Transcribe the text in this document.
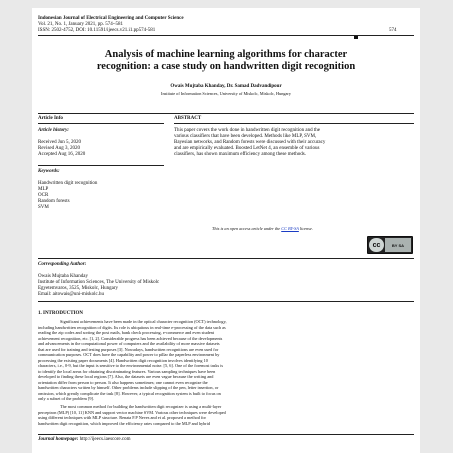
Indonesian Journal of Electrical Engineering and Computer Science
Vol. 21, No. 1, January 2021, pp. 574~581
ISSN: 2502-4752, DOI: 10.11591/ijeecs.v21.i1.pp574-581	574
Analysis of machine learning algorithms for character
recognition: a case study on handwritten digit recognition
Owais Mujtaba Khanday, Dr. Samad Dadvandipour
Institute of Information Sciences, University of Miskolc, Miskolc, Hungary
Article Info	ABSTRACT
Article history:
Received Jun 5, 2020
Revised Aug 3, 2020
Accepted Aug 16, 2020
Keywords:
Handwritten digit recognition
MLP
OCR
Random forests
SVM
This paper covers the work done in handwritten digit recognition and the
various classifiers that have been developed. Methods like MLP, SVM,
Bayesian networks, and Random forests were discussed with their accuracy
and are empirically evaluated. Boosted LetNet 4, an ensemble of various
classifiers, has shown maximum efficiency among these methods.
This is an open access article under the CC BY-SA license.
cc	BY SA
Corresponding Author:
Owais Mujtaba Khanday
Institute of Information Sciences, The University of Miskolc
Egyetemvaros, 3525, Miskolc, Hungary
Email: aitowais@uni-miskolc.hu
1. INTRODUCTION
Significant achievements have been made in the optical character recognition (OCT) technology,
including handwritten recognition of digits. Its role is ubiquitous in real-time e-processing of the data such as
reading the zip codes and sorting the post mails, bank check processing, e-commerce and even student
achievement recognition, etc. [1, 2]. Considerable progress has been achieved because of the developments
and advancements in the computational power of computers and the availability of more massive datasets
that are used for training and testing purposes [3]. Nowadays, handwritten recognitions are even used for
communication purposes. OCT does have the capability and power to pillar the paperless environment by
processing the existing paper documents [4]. Handwritten digit recognition involves identifying 10
characters, i.e., 0-9, but the input is sensitive to the environmental noise. [5, 6]. One of the foremost tasks is
to identify the local areas for obtaining discriminating features. Various sampling techniques have been
developed to finding these local regions [7]. Also, the datasets are even vague because the writing and
orientation differ from person to person. It also happens sometimes; one cannot even recognize the
handwritten characters written by himself. Other problems include slipping of the pen, letter insertion, or
omission, which greatly complicate the task [8]. However, a typical recognition system is built to focus on
only a subset of the problem [9].
The most common method for building the handwritten digit recognizer is using a multi-layer
perceptron (MLP) [10, 11] KNN and support vector machine SVM. Various other techniques were developed
using different techniques with MLP structure. Renata F.P Neves and et al. proposed a method for
handwritten digit recognition, which improved the efficiency rates compared to the MLP and hybrid
Journal homepage: http://ijeecs.iaescore.com
